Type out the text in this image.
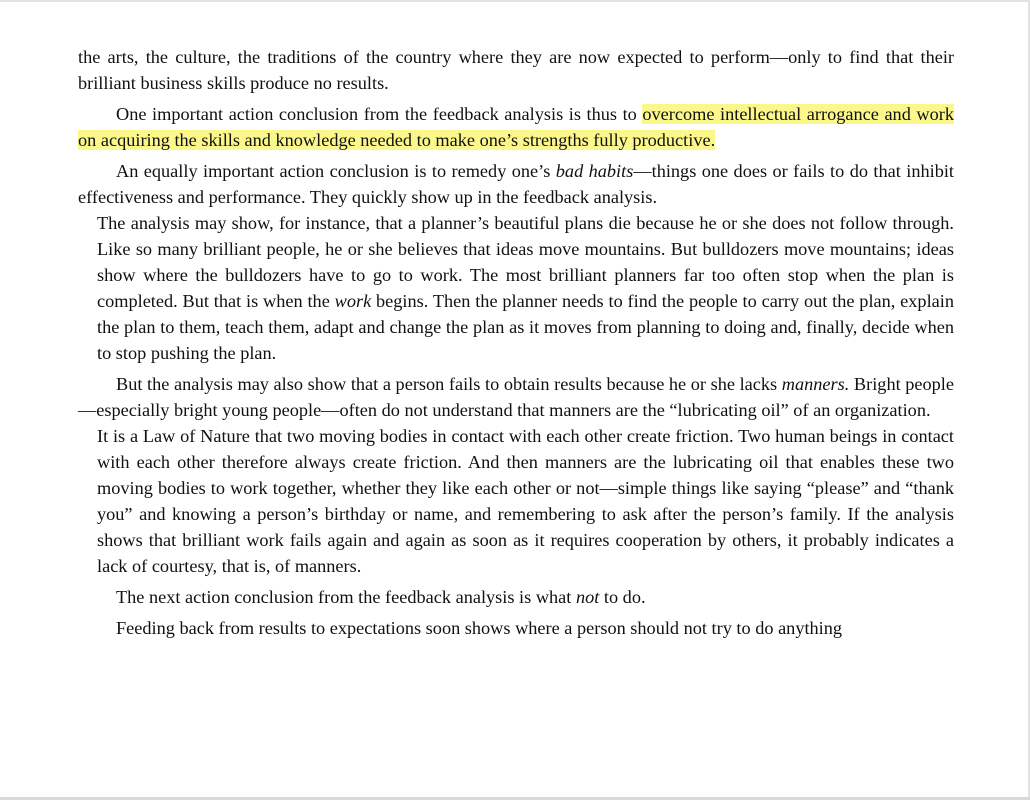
the arts, the culture, the traditions of the country where they are now expected to perform—only to find that their brilliant business skills produce no results.

One important action conclusion from the feedback analysis is thus to overcome intellectual arrogance and work on acquiring the skills and knowledge needed to make one’s strengths fully productive.

An equally important action conclusion is to remedy one’s bad habits—things one does or fails to do that inhibit effectiveness and performance. They quickly show up in the feedback analysis.

The analysis may show, for instance, that a planner’s beautiful plans die because he or she does not follow through. Like so many brilliant people, he or she believes that ideas move mountains. But bulldozers move mountains; ideas show where the bulldozers have to go to work. The most brilliant planners far too often stop when the plan is completed. But that is when the work begins. Then the planner needs to find the people to carry out the plan, explain the plan to them, teach them, adapt and change the plan as it moves from planning to doing and, finally, decide when to stop pushing the plan.

But the analysis may also show that a person fails to obtain results because he or she lacks manners. Bright people—especially bright young people—often do not understand that manners are the “lubricating oil” of an organization.

It is a Law of Nature that two moving bodies in contact with each other create friction. Two human beings in contact with each other therefore always create friction. And then manners are the lubricating oil that enables these two moving bodies to work together, whether they like each other or not—simple things like saying “please” and “thank you” and knowing a person’s birthday or name, and remembering to ask after the person’s family. If the analysis shows that brilliant work fails again and again as soon as it requires cooperation by others, it probably indicates a lack of courtesy, that is, of manners.

The next action conclusion from the feedback analysis is what not to do.

Feeding back from results to expectations soon shows where a person should not try to do anything
